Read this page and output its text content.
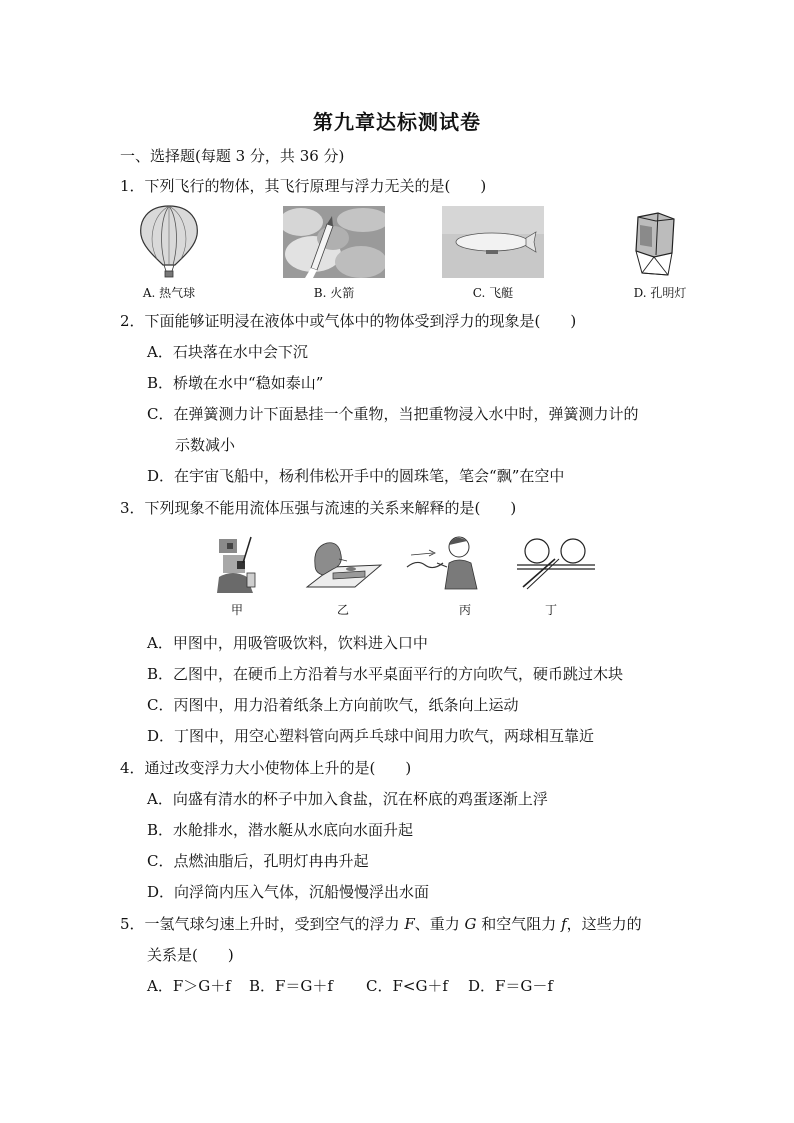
第九章达标测试卷
一、选择题(每题 3 分，共 36 分)
1．下列飞行的物体，其飞行原理与浮力无关的是(　　)
A. 热气球	B. 火箭	C. 飞艇	D. 孔明灯
2．下面能够证明浸在液体中或气体中的物体受到浮力的现象是(　　)
A．石块落在水中会下沉
B．桥墩在水中“稳如泰山”
C．在弹簧测力计下面悬挂一个重物，当把重物浸入水中时，弹簧测力计的
示数减小
D．在宇宙飞船中，杨利伟松开手中的圆珠笔，笔会“飘”在空中
3．下列现象不能用流体压强与流速的关系来解释的是(　　)
甲	乙	丙	丁
A．甲图中，用吸管吸饮料，饮料进入口中
B．乙图中，在硬币上方沿着与水平桌面平行的方向吹气，硬币跳过木块
C．丙图中，用力沿着纸条上方向前吹气，纸条向上运动
D．丁图中，用空心塑料管向两乒乓球中间用力吹气，两球相互靠近
4．通过改变浮力大小使物体上升的是(　　)
A．向盛有清水的杯子中加入食盐，沉在杯底的鸡蛋逐渐上浮
B．水舱排水，潜水艇从水底向水面升起
C．点燃油脂后，孔明灯冉冉升起
D．向浮筒内压入气体，沉船慢慢浮出水面
5．一氢气球匀速上升时，受到空气的浮力 F、重力 G 和空气阻力 f，这些力的
关系是(　　)
A．F＞G＋f B．F＝G＋f C．F<G＋f D．F＝G－f
